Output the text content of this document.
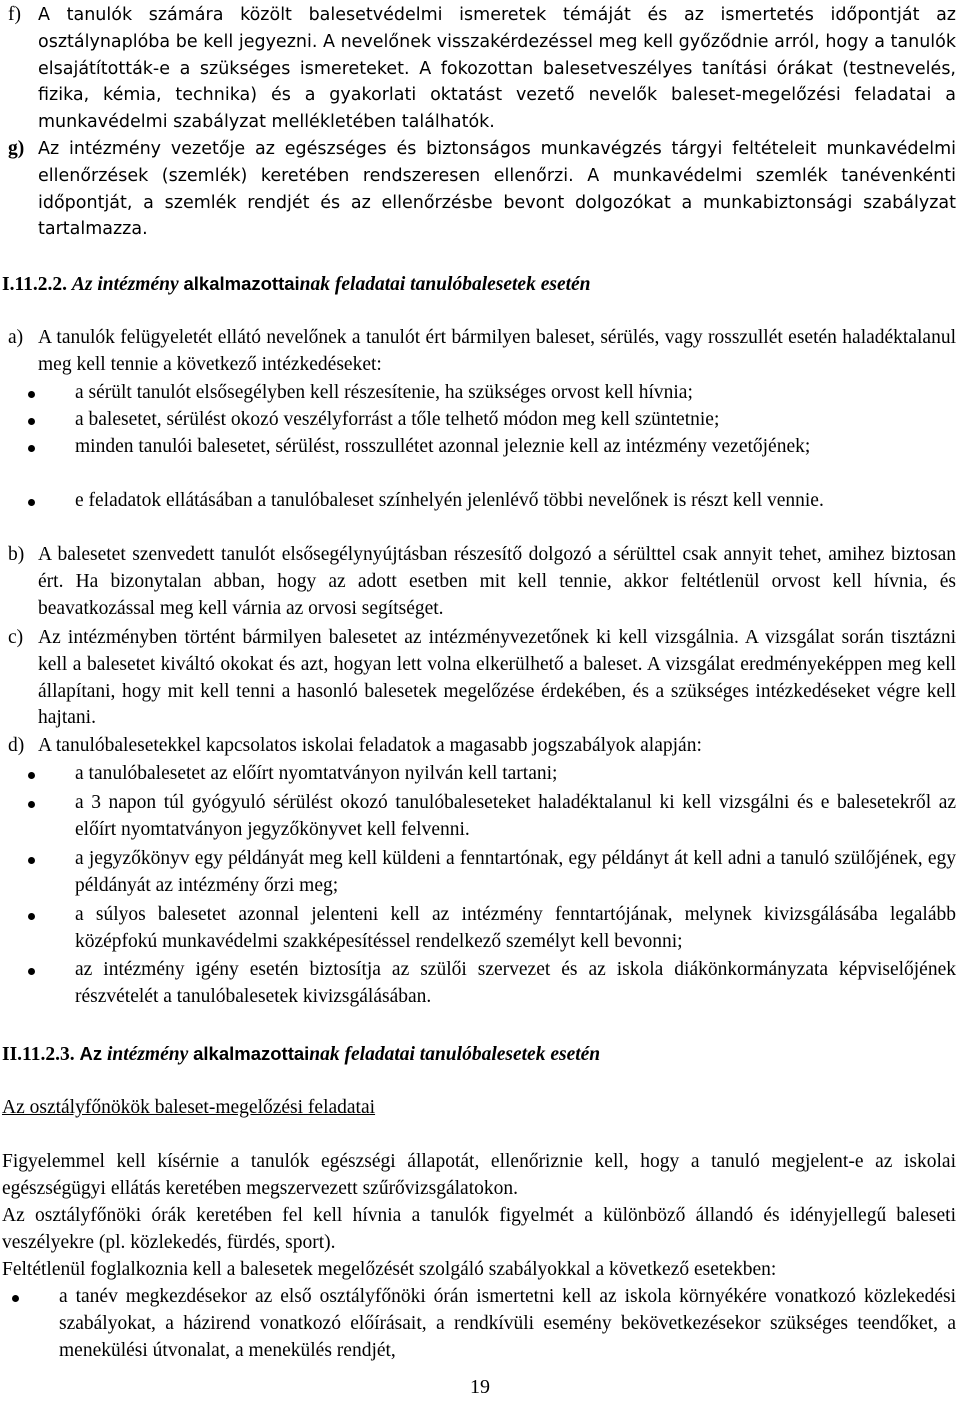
f) A tanulók számára közölt balesetvédelmi ismeretek témáját és az ismertetés időpontját az osztálynaplóba be kell jegyezni. A nevelőnek visszakérdezéssel meg kell győződnie arról, hogy a tanulók elsajátították-e a szükséges ismereteket. A fokozottan balesetveszélyes tanítási órákat (testnevelés, fizika, kémia, technika) és a gyakorlati oktatást vezető nevelők baleset-megelőzési feladatai a munkavédelmi szabályzat mellékletében találhatók.
g) Az intézmény vezetője az egészséges és biztonságos munkavégzés tárgyi feltételeit munkavédelmi ellenőrzések (szemlék) keretében rendszeresen ellenőrzi. A munkavédelmi szemlék tanévenkénti időpontját, a szemlék rendjét és az ellenőrzésbe bevont dolgozókat a munkabiztonsági szabályzat tartalmazza.
I.11.2.2. Az intézmény alkalmazottainak feladatai tanulóbalesetek esetén
a) A tanulók felügyeletét ellátó nevelőnek a tanulót ért bármilyen baleset, sérülés, vagy rosszullét esetén haladéktalanul meg kell tennie a következő intézkedéseket:
a sérült tanulót elsősegélyben kell részesítenie, ha szükséges orvost kell hívnia;
a balesetet, sérülést okozó veszélyforrást a tőle telhető módon meg kell szüntetnie;
minden tanulói balesetet, sérülést, rosszullétet azonnal jeleznie kell az intézmény vezetőjének;
e feladatok ellátásában a tanulóbaleset színhelyén jelenlévő többi nevelőnek is részt kell vennie.
b) A balesetet szenvedett tanulót elsősegélynyújtásban részesítő dolgozó a sérülttel csak annyit tehet, amihez biztosan ért. Ha bizonytalan abban, hogy az adott esetben mit kell tennie, akkor feltétlenül orvost kell hívnia, és beavatkozással meg kell várnia az orvosi segítséget.
c) Az intézményben történt bármilyen balesetet az intézményvezetőnek ki kell vizsgálnia. A vizsgálat során tisztázni kell a balesetet kiváltó okokat és azt, hogyan lett volna elkerülhető a baleset. A vizsgálat eredményeképpen meg kell állapítani, hogy mit kell tenni a hasonló balesetek megelőzése érdekében, és a szükséges intézkedéseket végre kell hajtani.
d) A tanulóbalesetekkel kapcsolatos iskolai feladatok a magasabb jogszabályok alapján:
a tanulóbalesetet az előírt nyomtatványon nyilván kell tartani;
a 3 napon túl gyógyuló sérülést okozó tanulóbaleseteket haladéktalanul ki kell vizsgálni és e balesetekről az előírt nyomtatványon jegyzőkönyvet kell felvenni.
a jegyzőkönyv egy példányát meg kell küldeni a fenntartónak, egy példányt át kell adni a tanuló szülőjének, egy példányát az intézmény őrzi meg;
a súlyos balesetet azonnal jelenteni kell az intézmény fenntartójának, melynek kivizsgálásába legalább középfokú munkavédelmi szakképesítéssel rendelkező személyt kell bevonni;
az intézmény igény esetén biztosítja az szülői szervezet és az iskola diákönkormányzata képviselőjének részvételét a tanulóbalesetek kivizsgálásában.
II.11.2.3. Az intézmény alkalmazottainak feladatai tanulóbalesetek esetén
Az osztályfőnökök baleset-megelőzési feladatai
Figyelemmel kell kísérnie a tanulók egészségi állapotát, ellenőriznie kell, hogy a tanuló megjelent-e az iskolai egészségügyi ellátás keretében megszervezett szűrővizsgálatokon.
Az osztályfőnöki órák keretében fel kell hívnia a tanulók figyelmét a különböző állandó és idényjellegű baleseti veszélyekre (pl. közlekedés, fürdés, sport).
Feltétlenül foglalkoznia kell a balesetek megelőzését szolgáló szabályokkal a következő esetekben:
a tanév megkezdésekor az első osztályfőnöki órán ismertetni kell az iskola környékére vonatkozó közlekedési szabályokat, a házirend vonatkozó előírásait, a rendkívüli esemény bekövetkezésekor szükséges teendőket, a menekülési útvonalat, a menekülés rendjét,
19
